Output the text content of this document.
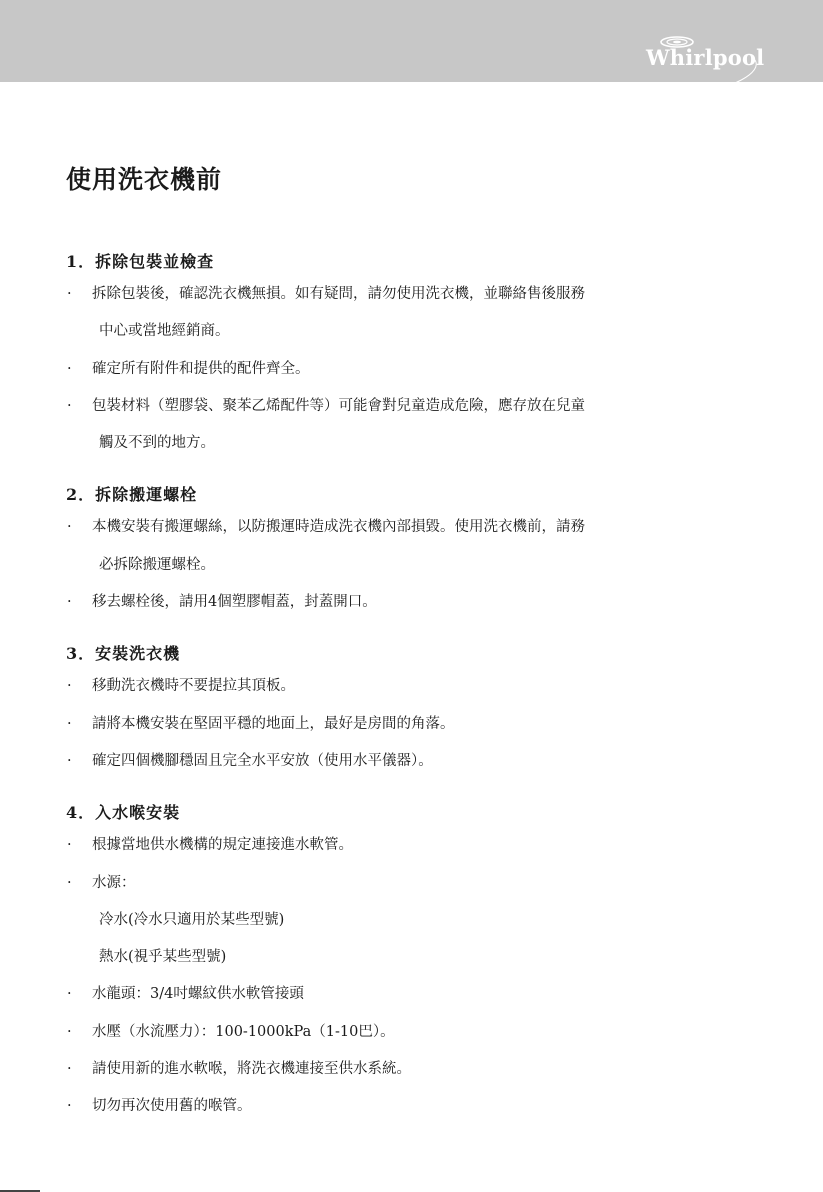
Whirlpool
使用洗衣機前
1．拆除包裝並檢查
· 拆除包裝後，確認洗衣機無損。如有疑問，請勿使用洗衣機，並聯絡售後服務
中心或當地經銷商。
· 確定所有附件和提供的配件齊全。
· 包裝材料（塑膠袋、聚苯乙烯配件等）可能會對兒童造成危險，應存放在兒童
觸及不到的地方。
2．拆除搬運螺栓
· 本機安裝有搬運螺絲，以防搬運時造成洗衣機內部損毀。使用洗衣機前，請務
必拆除搬運螺栓。
· 移去螺栓後，請用4個塑膠帽蓋，封蓋開口。
3．安裝洗衣機
· 移動洗衣機時不要提拉其頂板。
· 請將本機安裝在堅固平穩的地面上，最好是房間的角落。
· 確定四個機腳穩固且完全水平安放（使用水平儀器）。
4．入水喉安裝
· 根據當地供水機構的規定連接進水軟管。
· 水源：
冷水(冷水只適用於某些型號)
熱水(視乎某些型號)
· 水龍頭：3/4吋螺紋供水軟管接頭
· 水壓（水流壓力）：100-1000kPa（1-10巴）。
· 請使用新的進水軟喉，將洗衣機連接至供水系統。
· 切勿再次使用舊的喉管。
